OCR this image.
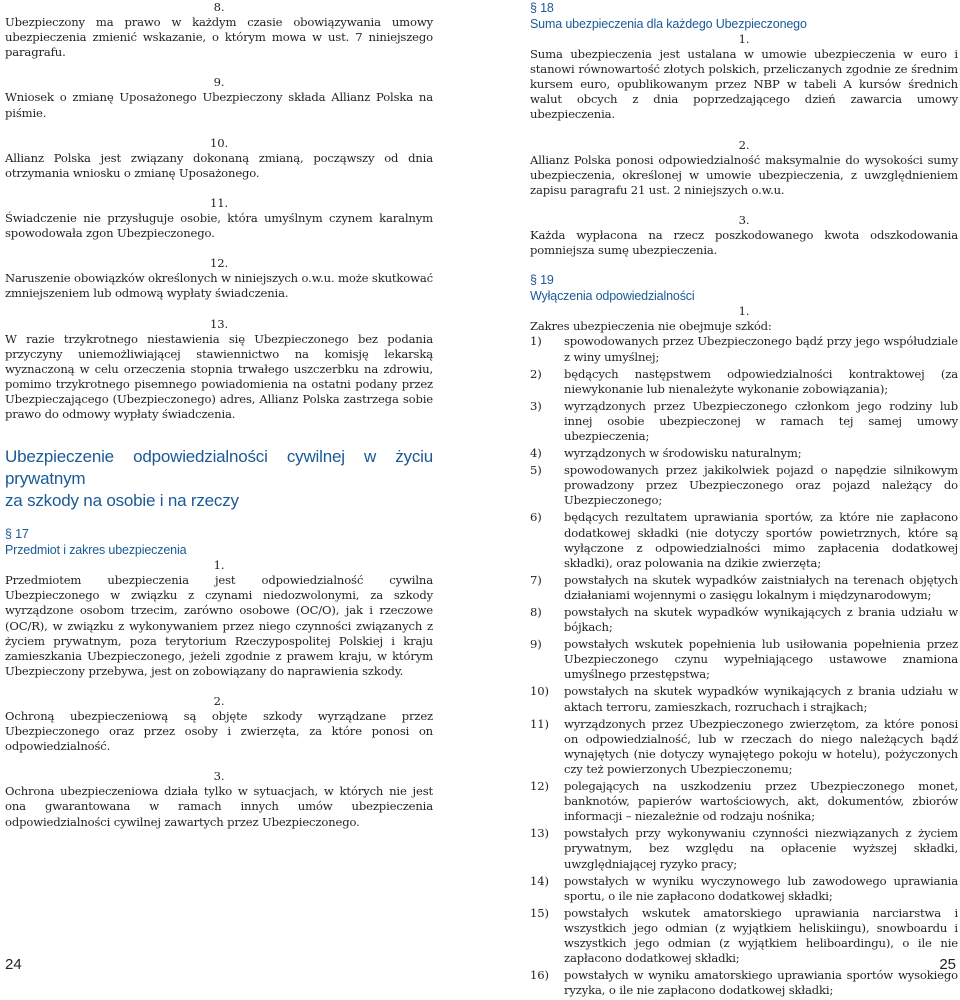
8.

Ubezpieczony ma prawo w każdym czasie obowiązywania umowy ubezpieczenia zmienić wskazanie, o którym mowa w ust. 7 niniejszego paragrafu.

9.

Wniosek o zmianę Uposażonego Ubezpieczony składa Allianz Polska na piśmie.

10.

Allianz Polska jest związany dokonaną zmianą, począwszy od dnia otrzymania wniosku o zmianę Uposażonego.

11.

Świadczenie nie przysługuje osobie, która umyślnym czynem karalnym spowodowała zgon Ubezpieczonego.

12.

Naruszenie obowiązków określonych w niniejszych o.w.u. może skutkować zmniejszeniem lub odmową wypłaty świadczenia.

13.

W razie trzykrotnego niestawienia się Ubezpieczonego bez podania przyczyny uniemożliwiającej stawiennictwo na komisję lekarską wyznaczoną w celu orzeczenia stopnia trwałego uszczerbku na zdrowiu, pomimo trzykrotnego pisemnego powiadomienia na ostatni podany przez Ubezpieczającego (Ubezpieczonego) adres, Allianz Polska zastrzega sobie prawo do odmowy wypłaty świadczenia.

Ubezpieczenie odpowiedzialności cywilnej w życiu prywatnym
za szkody na osobie i na rzeczy

§ 17

Przedmiot i zakres ubezpieczenia

1.

Przedmiotem ubezpieczenia jest odpowiedzialność cywilna Ubezpieczonego w związku z czynami niedozwolonymi, za szkody wyrządzone osobom trzecim, zarówno osobowe (OC/O), jak i rzeczowe (OC/R), w związku z wykonywaniem przez niego czynności związanych z życiem prywatnym, poza terytorium Rzeczypospolitej Polskiej i kraju zamieszkania Ubezpieczonego, jeżeli zgodnie z prawem kraju, w którym Ubezpieczony przebywa, jest on zobowiązany do naprawienia szkody.

2.

Ochroną ubezpieczeniową są objęte szkody wyrządzane przez Ubezpieczonego oraz przez osoby i zwierzęta, za które ponosi on odpowiedzialność.

3.

Ochrona ubezpieczeniowa działa tylko w sytuacjach, w których nie jest ona gwarantowana w ramach innych umów ubezpieczenia odpowiedzialności cywilnej zawartych przez Ubezpieczonego.

§ 18

Suma ubezpieczenia dla każdego Ubezpieczonego

1.

Suma ubezpieczenia jest ustalana w umowie ubezpieczenia w euro i stanowi równowartość złotych polskich, przeliczanych zgodnie ze średnim kursem euro, opublikowanym przez NBP w tabeli A kursów średnich walut obcych z dnia poprzedzającego dzień zawarcia umowy ubezpieczenia.

2.

Allianz Polska ponosi odpowiedzialność maksymalnie do wysokości sumy ubezpieczenia, określonej w umowie ubezpieczenia, z uwzględnieniem zapisu paragrafu 21 ust. 2 niniejszych o.w.u.

3.

Każda wypłacona na rzecz poszkodowanego kwota odszkodowania pomniejsza sumę ubezpieczenia.

§ 19

Wyłączenia odpowiedzialności

1.

Zakres ubezpieczenia nie obejmuje szkód:

1)	spowodowanych przez Ubezpieczonego bądź przy jego współudziale z winy umyślnej;
2)	będących następstwem odpowiedzialności kontraktowej (za niewykonanie lub nienależyte wykonanie zobowiązania);
3)	wyrządzonych przez Ubezpieczonego członkom jego rodziny lub innej osobie ubezpieczonej w ramach tej samej umowy ubezpieczenia;
4)	wyrządzonych w środowisku naturalnym;
5)	spowodowanych przez jakikolwiek pojazd o napędzie silnikowym prowadzony przez Ubezpieczonego oraz pojazd należący do Ubezpieczonego;
6)	będących rezultatem uprawiania sportów, za które nie zapłacono dodatkowej składki (nie dotyczy sportów powietrznych, które są wyłączone z odpowiedzialności mimo zapłacenia dodatkowej składki), oraz polowania na dzikie zwierzęta;
7)	powstałych na skutek wypadków zaistniałych na terenach objętych działaniami wojennymi o zasięgu lokalnym i międzynarodowym;
8)	powstałych na skutek wypadków wynikających z brania udziału w bójkach;
9)	powstałych wskutek popełnienia lub usiłowania popełnienia przez Ubezpieczonego czynu wypełniającego ustawowe znamiona umyślnego przestępstwa;
10)	powstałych na skutek wypadków wynikających z brania udziału w aktach terroru, zamieszkach, rozruchach i strajkach;
11)	wyrządzonych przez Ubezpieczonego zwierzętom, za które ponosi on odpowiedzialność, lub w rzeczach do niego należących bądź wynajętych (nie dotyczy wynajętego pokoju w hotelu), pożyczonych czy też powierzonych Ubezpieczonemu;
12)	polegających na uszkodzeniu przez Ubezpieczonego monet, banknotów, papierów wartościowych, akt, dokumentów, zbiorów informacji – niezależnie od rodzaju nośnika;
13)	powstałych przy wykonywaniu czynności niezwiązanych z życiem prywatnym, bez względu na opłacenie wyższej składki, uwzględniającej ryzyko pracy;
14)	powstałych w wyniku wyczynowego lub zawodowego uprawiania sportu, o ile nie zapłacono dodatkowej składki;
15)	powstałych wskutek amatorskiego uprawiania narciarstwa i wszystkich jego odmian (z wyjątkiem heliskiingu), snowboardu i wszystkich jego odmian (z wyjątkiem heliboardingu), o ile nie zapłacono dodatkowej składki;
16)	powstałych w wyniku amatorskiego uprawiania sportów wysokiego ryzyka, o ile nie zapłacono dodatkowej składki;
24	25
